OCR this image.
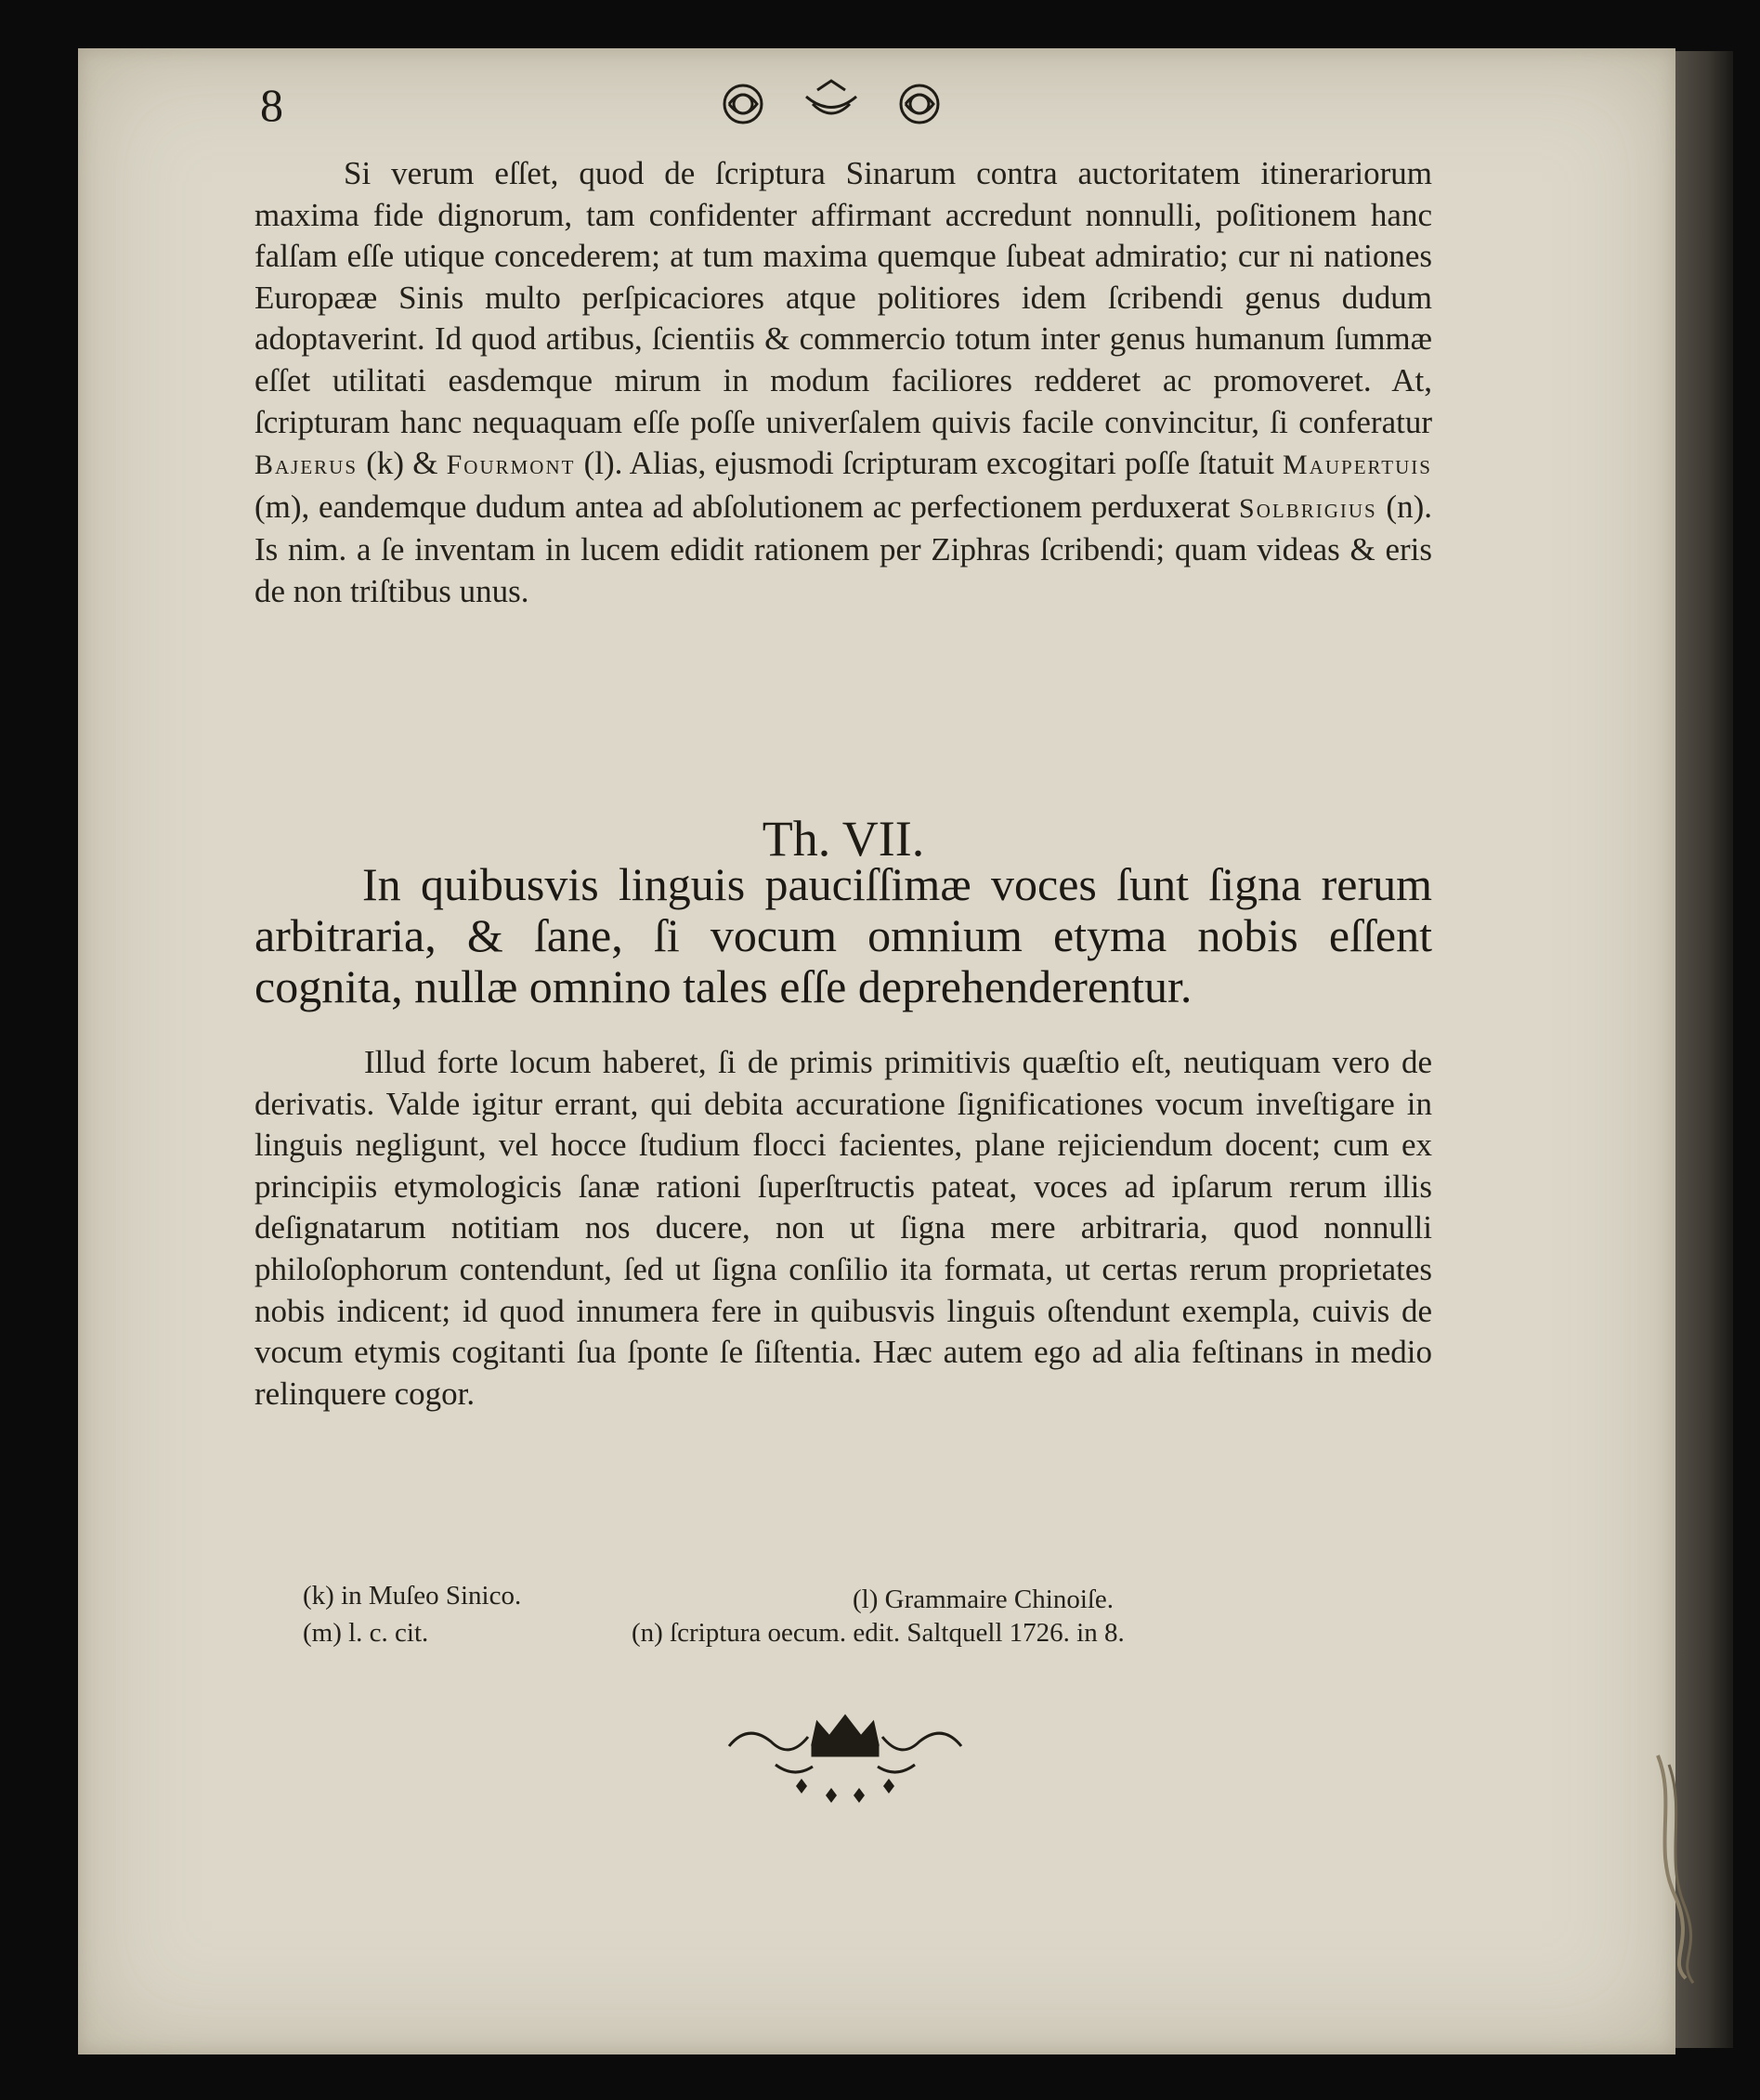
8

Si verum eſſet, quod de ſcriptura Sinarum contra auctoritatem itinerariorum maxima fide dignorum, tam confidenter affirmant accredunt nonnulli, poſitionem hanc falſam eſſe utique concederem; at tum maxima quemque ſubeat admiratio; cur ni nationes Europææ Sinis multo perſpicaciores atque politiores idem ſcribendi genus dudum adoptaverint. Id quod artibus, ſcientiis & commercio totum inter genus humanum ſummæ eſſet utilitati easdemque mirum in modum faciliores redderet ac promoveret. At, ſcripturam hanc nequaquam eſſe poſſe univerſalem quivis facile convincitur, ſi conferatur Bajerus (k) & Fourmont (l). Alias, ejusmodi ſcripturam excogitari poſſe ſtatuit Maupertuis (m), eandemque dudum antea ad abſolutionem ac perfectionem perduxerat Solbrigius (n). Is nim. a ſe inventam in lucem edidit rationem per Ziphras ſcribendi; quam videas & eris de non triſtibus unus.

Th. VII.

In quibusvis linguis pauciſſimæ voces ſunt ſigna rerum arbitraria, & ſane, ſi vocum omnium etyma nobis eſſent cognita, nullæ omnino tales eſſe deprehenderentur.

Illud forte locum haberet, ſi de primis primitivis quæſtio eſt, neutiquam vero de derivatis. Valde igitur errant, qui debita accuratione ſignificationes vocum inveſtigare in linguis negligunt, vel hocce ſtudium flocci facientes, plane rejiciendum docent; cum ex principiis etymologicis ſanæ rationi ſuperſtructis pateat, voces ad ipſarum rerum illis deſignatarum notitiam nos ducere, non ut ſigna mere arbitraria, quod nonnulli philoſophorum contendunt, ſed ut ſigna conſilio ita formata, ut certas rerum proprietates nobis indicent; id quod innumera fere in quibusvis linguis oſtendunt exempla, cuivis de vocum etymis cogitanti ſua ſponte ſe ſiſtentia. Hæc autem ego ad alia feſtinans in medio relinquere cogor.

(k) in Muſeo Sinico.	(l) Grammaire Chinoiſe.

(m) l. c. cit.	(n) ſcriptura oecum. edit. Saltquell 1726. in 8.
